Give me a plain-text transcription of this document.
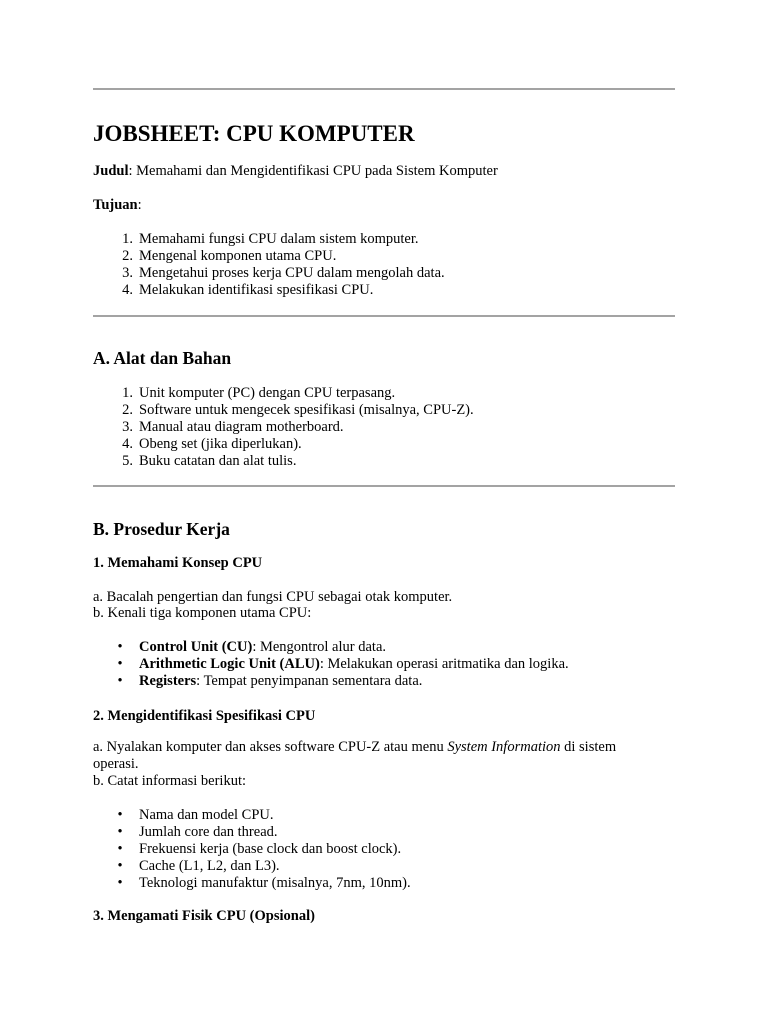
JOBSHEET: CPU KOMPUTER

Judul: Memahami dan Mengidentifikasi CPU pada Sistem Komputer

Tujuan:

1. Memahami fungsi CPU dalam sistem komputer.
2. Mengenal komponen utama CPU.
3. Mengetahui proses kerja CPU dalam mengolah data.
4. Melakukan identifikasi spesifikasi CPU.
A. Alat dan Bahan
1. Unit komputer (PC) dengan CPU terpasang.
2. Software untuk mengecek spesifikasi (misalnya, CPU-Z).
3. Manual atau diagram motherboard.
4. Obeng set (jika diperlukan).
5. Buku catatan dan alat tulis.
B. Prosedur Kerja
1. Memahami Konsep CPU

a. Bacalah pengertian dan fungsi CPU sebagai otak komputer.

b. Kenali tiga komponen utama CPU:

• Control Unit (CU): Mengontrol alur data.
• Arithmetic Logic Unit (ALU): Melakukan operasi aritmatika dan logika.
• Registers: Tempat penyimpanan sementara data.
2. Mengidentifikasi Spesifikasi CPU

a. Nyalakan komputer dan akses software CPU-Z atau menu System Information di sistem operasi.

b. Catat informasi berikut:

• Nama dan model CPU.
• Jumlah core dan thread.
• Frekuensi kerja (base clock dan boost clock).
• Cache (L1, L2, dan L3).
• Teknologi manufaktur (misalnya, 7nm, 10nm).
3. Mengamati Fisik CPU (Opsional)
